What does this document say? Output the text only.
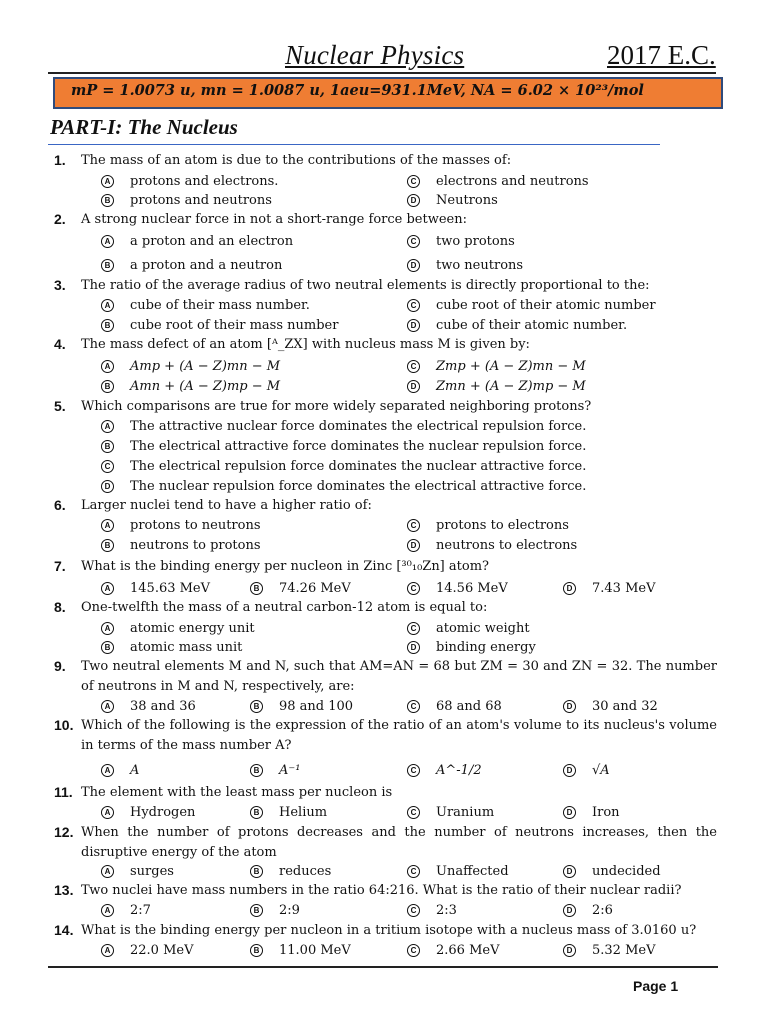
Nuclear Physics	2017 E.C.
mP = 1.0073 u, mn = 1.0087 u, 1aeu=931.1MeV, NA = 6.02 × 10²³/mol
PART-I: The Nucleus
1. The mass of an atom is due to the contributions of the masses of:
A protons and electrons.	C electrons and neutrons
B protons and neutrons	D Neutrons
2. A strong nuclear force in not a short-range force between:
A a proton and an electron	C two protons
B a proton and a neutron	D two neutrons
3. The ratio of the average radius of two neutral elements is directly proportional to the:
A cube of their mass number.	C cube root of their atomic number
B cube root of their mass number	D cube of their atomic number.
4. The mass defect of an atom [ᴬ_ZX] with nucleus mass M is given by:
A Amp + (A − Z)mn − M	C Zmp + (A − Z)mn − M
B Amn + (A − Z)mp − M	D Zmn + (A − Z)mp − M
5. Which comparisons are true for more widely separated neighboring protons?
A The attractive nuclear force dominates the electrical repulsion force.
B The electrical attractive force dominates the nuclear repulsion force.
C The electrical repulsion force dominates the nuclear attractive force.
D The nuclear repulsion force dominates the electrical attractive force.
6. Larger nuclei tend to have a higher ratio of:
A protons to neutrons	C protons to electrons
B neutrons to protons	D neutrons to electrons
7. What is the binding energy per nucleon in Zinc [³⁰₁₀Zn] atom?
A 145.63 MeV	B 74.26 MeV	C 14.56 MeV	D 7.43 MeV
8. One-twelfth the mass of a neutral carbon-12 atom is equal to:
A atomic energy unit	C atomic weight
B atomic mass unit	D binding energy
9. Two neutral elements M and N, such that AM=AN = 68 but ZM = 30 and ZN = 32. The number of neutrons in M and N, respectively, are:
A 38 and 36	B 98 and 100	C 68 and 68	D 30 and 32
10. Which of the following is the expression of the ratio of an atom's volume to its nucleus's volume in terms of the mass number A?
A A	B A⁻¹	C A^-1/2	D √A
11. The element with the least mass per nucleon is
A Hydrogen	B Helium	C Uranium	D Iron
12. When the number of protons decreases and the number of neutrons increases, then the disruptive energy of the atom
A surges	B reduces	C Unaffected	D undecided
13. Two nuclei have mass numbers in the ratio 64:216. What is the ratio of their nuclear radii?
A 2:7	B 2:9	C 2:3	D 2:6
14. What is the binding energy per nucleon in a tritium isotope with a nucleus mass of 3.0160 u?
A 22.0 MeV	B 11.00 MeV	C 2.66 MeV	D 5.32 MeV
Page 1
